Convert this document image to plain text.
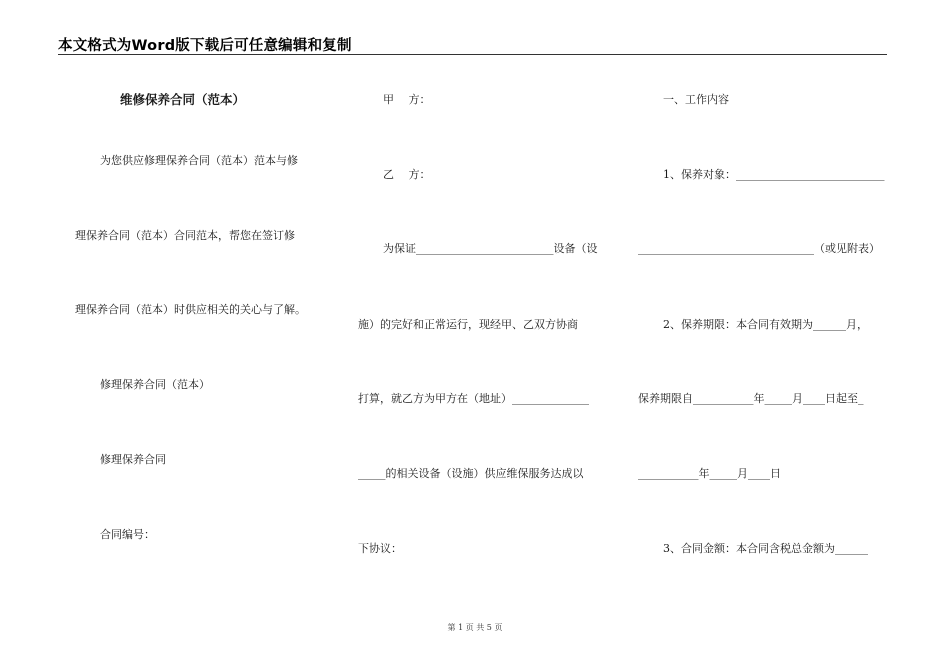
本文格式为Word版下载后可任意编辑和复制
维修保养合同（范本）
为您供应修理保养合同（范本）范本与修
理保养合同（范本）合同范本，帮您在签订修
理保养合同（范本）时供应相关的关心与了解。
修理保养合同（范本）
修理保养合同
合同编号：
甲　 方：
乙　 方：
为保证_________________________设备（设
施）的完好和正常运行，现经甲、乙双方协商
打算，就乙方为甲方在（地址）______________
_____的相关设备（设施）供应维保服务达成以
下协议：
一、工作内容
1、保养对象：___________________________
________________________________（或见附表）
2、保养期限：本合同有效期为______月，
保养期限自___________年_____月____日起至_
___________年_____月____日
3、合同金额：本合同含税总金额为______
第 1 页 共 5 页
